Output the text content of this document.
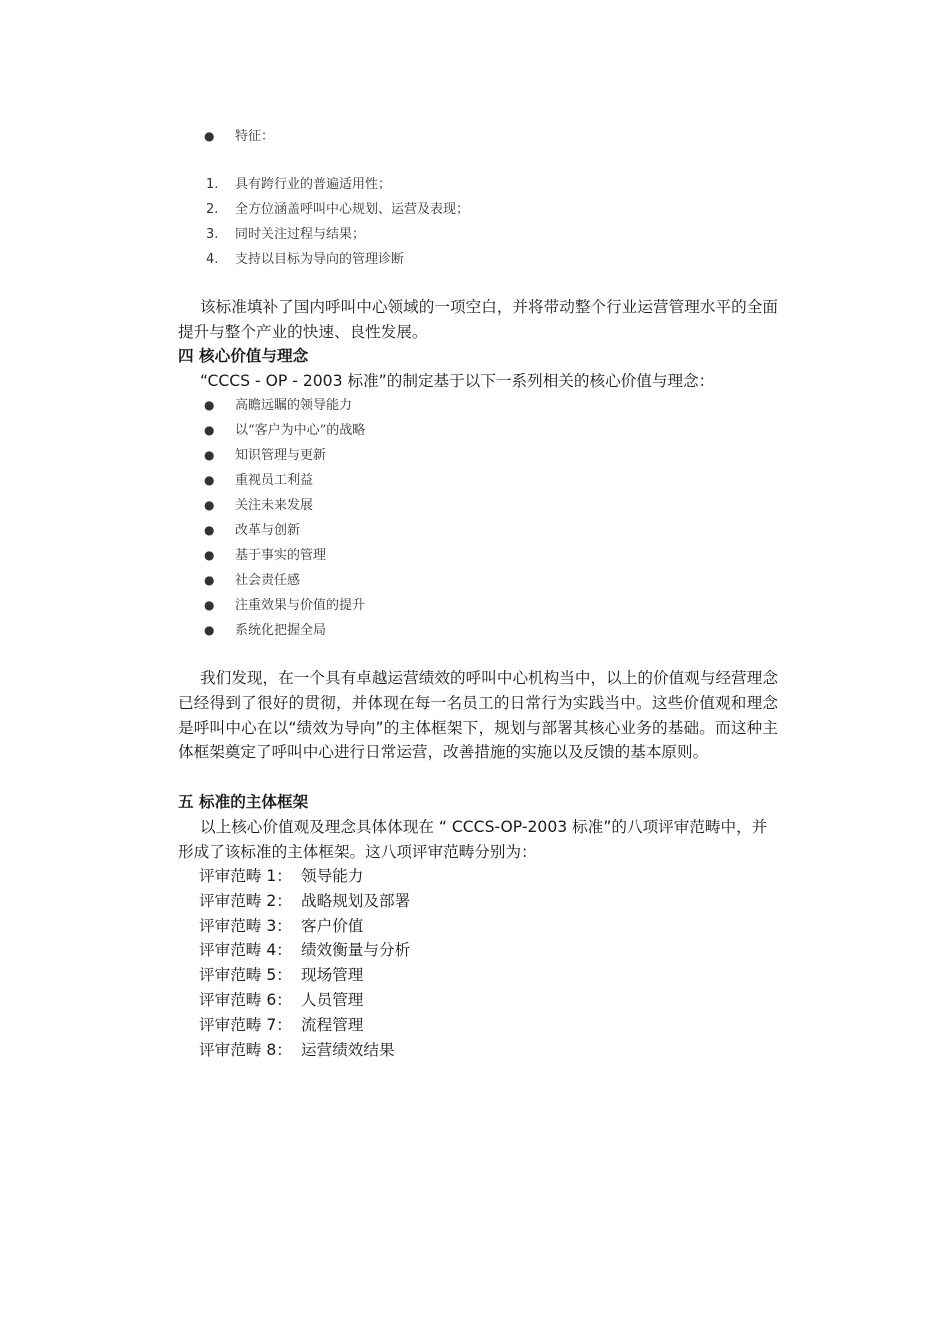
● 特征：
1. 具有跨行业的普遍适用性；
2. 全方位涵盖呼叫中心规划、运营及表现；
3. 同时关注过程与结果；
4. 支持以目标为导向的管理诊断

该标准填补了国内呼叫中心领域的一项空白，并将带动整个行业运营管理水平的全面提升与整个产业的快速、良性发展。

四 核心价值与理念

“CCCS - OP - 2003 标准”的制定基于以下一系列相关的核心价值与理念：

● 高瞻远瞩的领导能力
● 以“客户为中心”的战略
● 知识管理与更新
● 重视员工利益
● 关注未来发展
● 改革与创新
● 基于事实的管理
● 社会责任感
● 注重效果与价值的提升
● 系统化把握全局

我们发现，在一个具有卓越运营绩效的呼叫中心机构当中，以上的价值观与经营理念已经得到了很好的贯彻，并体现在每一名员工的日常行为实践当中。这些价值观和理念是呼叫中心在以“绩效为导向”的主体框架下，规划与部署其核心业务的基础。而这种主体框架奠定了呼叫中心进行日常运营，改善措施的实施以及反馈的基本原则。

五 标准的主体框架

以上核心价值观及理念具体体现在 “ CCCS-OP-2003 标准”的八项评审范畴中，并形成了该标准的主体框架。这八项评审范畴分别为：

评审范畴 1： 领导能力
评审范畴 2： 战略规划及部署
评审范畴 3： 客户价值
评审范畴 4： 绩效衡量与分析
评审范畴 5： 现场管理
评审范畴 6： 人员管理
评审范畴 7： 流程管理
评审范畴 8： 运营绩效结果
